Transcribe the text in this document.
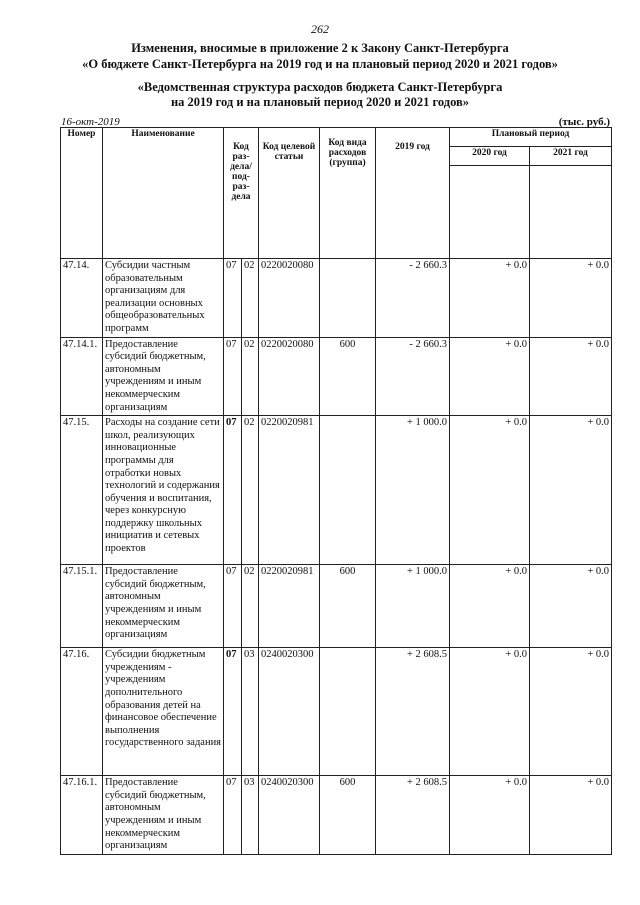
262
Изменения, вносимые в приложение 2 к Закону Санкт-Петербурга
«О бюджете Санкт-Петербурга на 2019 год и на плановый период 2020 и 2021 годов»
«Ведомственная структура расходов бюджета Санкт-Петербурга
на 2019 год и на плановый период 2020 и 2021 годов»
16-окт-2019	(тыс. руб.)
Номер	Наименование	Код раз- дела/ под- раз- дела		Код целевой статьи	Код вида расходов (группа)	2019 год	Плановый период	
							2020 год	2021 год

47.14.	Субсидии частным образовательным организациям для реализации основных общеобразовательных программ	07	02	0220020080		- 2 660.3	+ 0.0	+ 0.0
47.14.1.	Предоставление субсидий бюджетным, автономным учреждениям и иным некоммерческим организациям	07	02	0220020080	600	- 2 660.3	+ 0.0	+ 0.0
47.15.	Расходы на создание сети школ, реализующих инновационные программы для отработки новых технологий и содержания обучения и воспитания, через конкурсную поддержку школьных инициатив и сетевых проектов	07	02	0220020981		+ 1 000.0	+ 0.0	+ 0.0
47.15.1.	Предоставление субсидий бюджетным, автономным учреждениям и иным некоммерческим организациям	07	02	0220020981	600	+ 1 000.0	+ 0.0	+ 0.0
47.16.	Субсидии бюджетным учреждениям - учреждениям дополнительного образования детей на финансовое обеспечение выполнения государственного задания	07	03	0240020300		+ 2 608.5	+ 0.0	+ 0.0
47.16.1.	Предоставление субсидий бюджетным, автономным учреждениям и иным некоммерческим организациям	07	03	0240020300	600	+ 2 608.5	+ 0.0	+ 0.0
